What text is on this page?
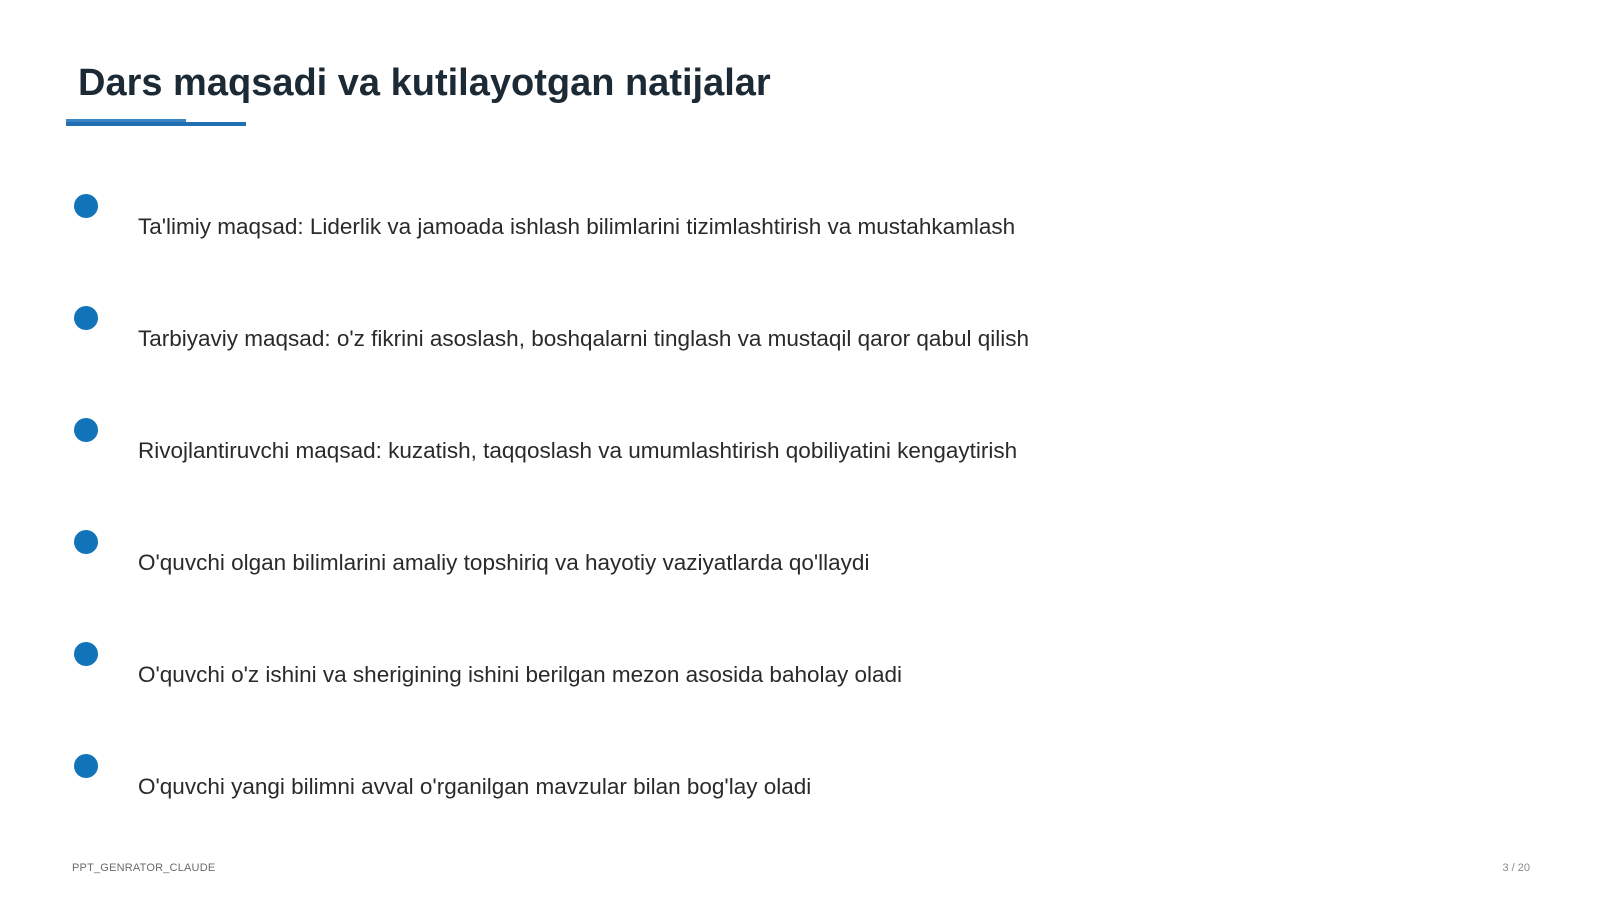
Dars maqsadi va kutilayotgan natijalar
Ta'limiy maqsad: Liderlik va jamoada ishlash bilimlarini tizimlashtirish va mustahkamlash
Tarbiyaviy maqsad: o'z fikrini asoslash, boshqalarni tinglash va mustaqil qaror qabul qilish
Rivojlantiruvchi maqsad: kuzatish, taqqoslash va umumlashtirish qobiliyatini kengaytirish
O'quvchi olgan bilimlarini amaliy topshiriq va hayotiy vaziyatlarda qo'llaydi
O'quvchi o'z ishini va sherigining ishini berilgan mezon asosida baholay oladi
O'quvchi yangi bilimni avval o'rganilgan mavzular bilan bog'lay oladi
PPT_GENRATOR_CLAUDE	3 / 20
